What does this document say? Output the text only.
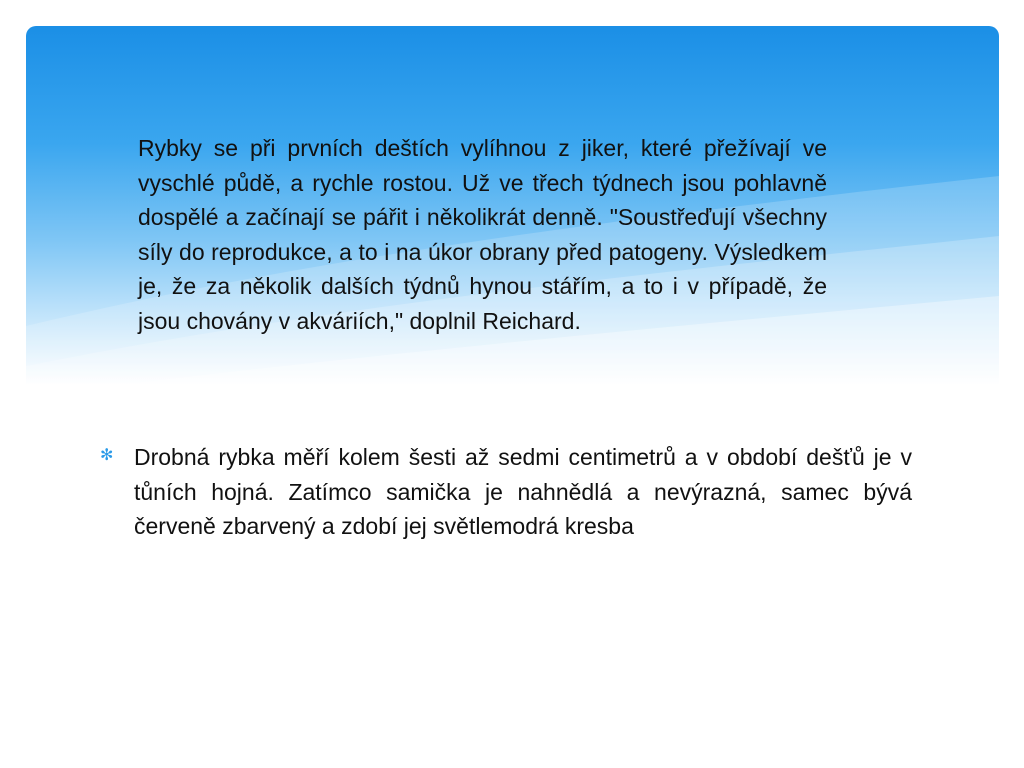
Rybky se při prvních deštích vylíhnou z jiker, které přežívají ve vyschlé půdě, a rychle rostou. Už ve třech týdnech jsou pohlavně dospělé a začínají se pářit i několikrát denně. "Soustřeďují všechny síly do reprodukce, a to i na úkor obrany před patogeny. Výsledkem je, že za několik dalších týdnů hynou stářím, a to i v případě, že jsou chovány v akváriích," doplnil Reichard.

✻ Drobná rybka měří kolem šesti až sedmi centimetrů a v období dešťů je v tůních hojná. Zatímco samička je nahnědlá a nevýrazná, samec bývá červeně zbarvený a zdobí jej světlemodrá kresba
